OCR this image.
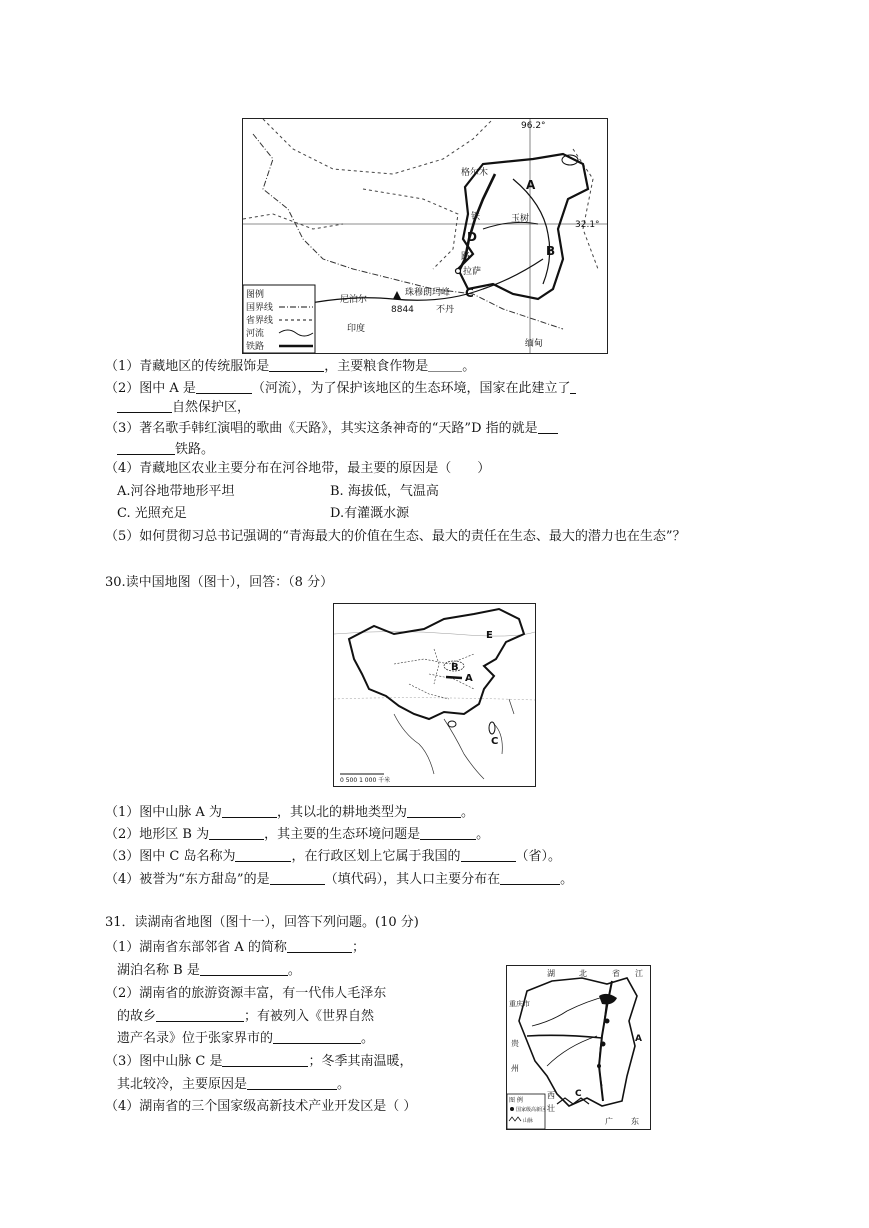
96.2°
32.1°
格尔木
铁	玉树
路
拉萨
尼泊尔
珠穆朗玛峰
8844 不丹
印度
缅甸
A
B
C
D
图例
国界线
省界线
河流
铁路
（1）青藏地区的传统服饰是	，主要粮食作物是	。
（2）图中 A 是	（河流），为了保护该地区的生态环境，国家在此建立了
自然保护区，
（3）著名歌手韩红演唱的歌曲《天路》，其实这条神奇的“天路”D 指的就是
铁路。
（4）青藏地区农业主要分布在河谷地带，最主要的原因是（　　）
A.河谷地带地形平坦	B. 海拔低，气温高
C. 光照充足	D.有灌溉水源
（5）如何贯彻习总书记强调的“青海最大的价值在生态、最大的责任在生态、最大的潜力也在生态”？
30.读中国地图（图十），回答：（8 分）
A
B
C
E
0 500 1 000 千米
（1）图中山脉 A 为	，其以北的耕地类型为	。
（2）地形区 B 为	，其主要的生态环境问题是	。
（3）图中 C 岛名称为	，在行政区划上它属于我国的	（省）。
（4）被誉为“东方甜岛”的是	（填代码），其人口主要分布在	。
31．读湖南省地图（图十一），回答下列问题。(10 分)
（1）湖南省东部邻省 A 的简称	；
湖泊名称 B 是	。
（2）湖南省的旅游资源丰富，有一代伟人毛泽东
的故乡	；有被列入《世界自然
遗产名录》位于张家界市的	。
（3）图中山脉 C 是	；冬季其南温暖，
其北较冷，主要原因是	。
（4）湖南省的三个国家级高新技术产业开发区是（ ）
湖	北	省 江
重庆市
贵
州
西
壮
广 东
A
C
图 例
国家级高新区
山脉
